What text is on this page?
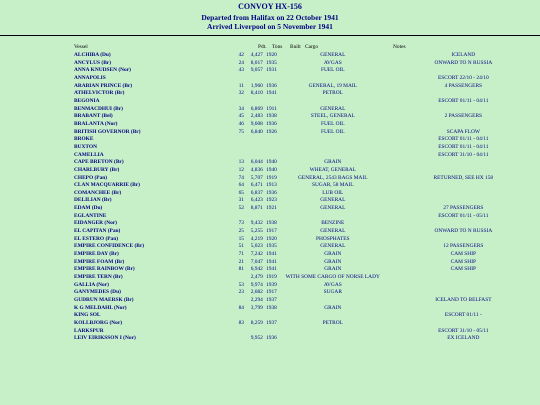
CONVOY HX-156
Departed from Halifax on 22 October 1941
Arrived Liverpool on 5 November 1941
Vessel	Pdt. Tons Built Cargo	Notes
ALCHIBA (Du)	42	4,427	1920	GENERAL	ICELAND
ANCYLUS (Br)	24	8,017	1935	AVGAS	ONWARD TO N RUSSIA
ANNA KNUDSEN (Nor)	43	9,057	1931	FUEL OIL	
ANNAPOLIS					ESCORT 22/10 - 24/10
ARABIAN PRINCE (Br)	11	1,960	1936	GENERAL, 19 MAIL	4 PASSENGERS
ATHELVICTOR (Br)	32	8,410	1941	PETROL	
BEGONIA					ESCORT 01/11 - 04/11
BENMACDHUI (Br)	34	6,869	1911	GENERAL	
BRABANT (Bel)	45	2,483	1938	STEEL, GENERAL	2 PASSENGERS
BRALANTA (Nor)	46	9,608	1936	FUEL OIL	
BRITISH GOVERNOR (Br)	75	6,840	1926	FUEL OIL	SCAPA FLOW
BROKE					ESCORT 01/11 - 04/11
BUXTON					ESCORT 01/11 - 04/11
CAMELLIA					ESCORT 31/10 - 04/11
CAPE BRETON (Br)	13	6,044	1940	GRAIN	
CHARLBURY (Br)	12	4,836	1940	WHEAT, GENERAL	
CHEPO (Pan)	74	5,707	1919	GENERAL, 2543 BAGS MAIL	RETURNED, SEE HX 158
CLAN MACQUARRIE (Br)	64	6,471	1913	SUGAR, 58 MAIL	
COMANCHEE (Br)	65	6,837	1936	LUB OIL	
DELILIAN (Br)	31	6,423	1923	GENERAL	
EDAM (Du)	52	8,871	1921	GENERAL	27 PASSENGERS
EGLANTINE					ESCORT 01/11 - 05/11
EIDANGER (Nor)	73	9,432	1938	BENZINE	
EL CAPITAN (Pan)	25	5,255	1917	GENERAL	ONWARD TO N RUSSIA
EL ESTERO (Pan)	15	4,219	1920	PHOSPHATES	
EMPIRE CONFIDENCE (Br)	51	5,023	1935	GENERAL	12 PASSENGERS
EMPIRE DAY (Br)	71	7,242	1941	GRAIN	CAM SHIP
EMPIRE FOAM (Br)	21	7,047	1941	GRAIN	CAM SHIP
EMPIRE RAINBOW (Br)	81	6,942	1941	GRAIN	CAM SHIP
EMPIRE TERN (Br)		2,479	1919	WITH SOME CARGO OF NORSE LADY	
GALLIA (Nor)	53	9,974	1939	AVGAS	
GANYMEDES (Du)	23	2,682	1917	SUGAR	
GUDRUN MAERSK (Br)		2,294	1937		ICELAND TO BELFAST
K G MELDAHL (Nor)	84	3,799	1938	GRAIN	
KING SOL					ESCORT 01/11 -
KOLLBJORG (Nor)	83	8,259	1937	PETROL	
LARKSPUR					ESCORT 31/10 - 05/11
LEIV EIRIKSSON I (Nor)		9,952	1936		EX ICELAND
